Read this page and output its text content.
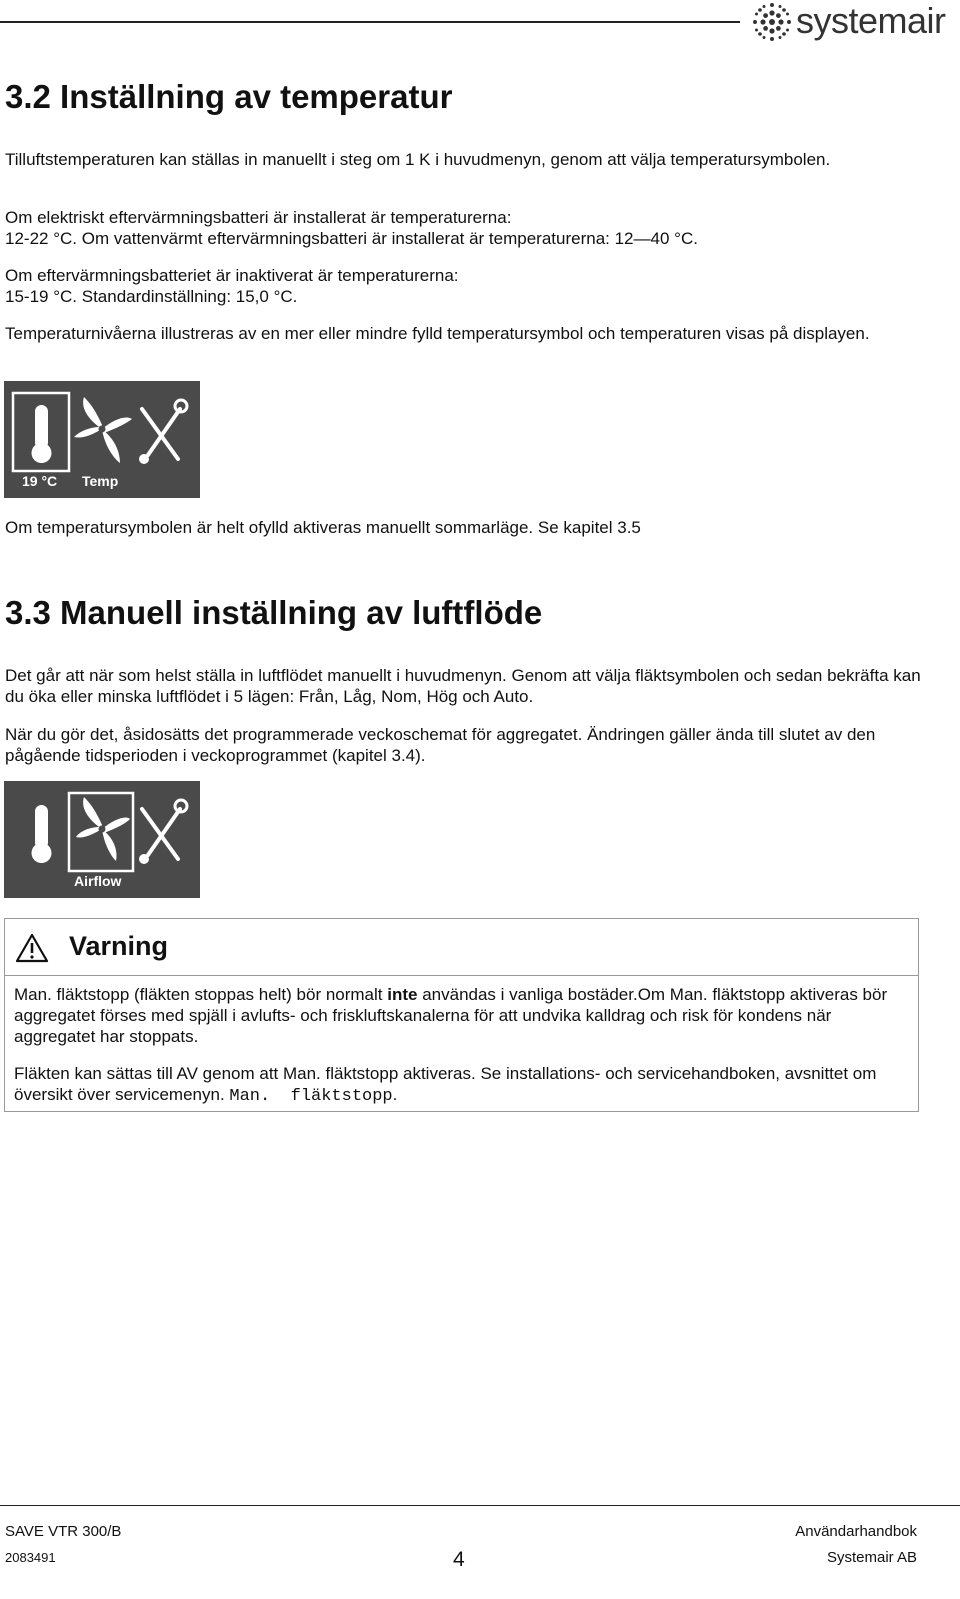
systemair
3.2 Inställning av temperatur

Tilluftstemperaturen kan ställas in manuellt i steg om 1 K i huvudmenyn, genom att välja temperatursymbolen.

Om elektriskt eftervärmningsbatteri är installerat är temperaturerna:
12-22 °C. Om vattenvärmt eftervärmningsbatteri är installerat är temperaturerna: 12—40 °C.

Om eftervärmningsbatteriet är inaktiverat är temperaturerna:
15-19 °C. Standardinställning: 15,0 °C.

Temperaturnivåerna illustreras av en mer eller mindre fylld temperatursymbol och temperaturen visas på displayen.

19 °C Temp

Om temperatursymbolen är helt ofylld aktiveras manuellt sommarläge. Se kapitel 3.5

3.3 Manuell inställning av luftflöde

Det går att när som helst ställa in luftflödet manuellt i huvudmenyn. Genom att välja fläktsymbolen och sedan bekräfta kan du öka eller minska luftflödet i 5 lägen: Från, Låg, Nom, Hög och Auto.

När du gör det, åsidosätts det programmerade veckoschemat för aggregatet. Ändringen gäller ända till slutet av den pågående tidsperioden i veckoprogrammet (kapitel 3.4).

Airflow
Varning

Man. fläktstopp (fläkten stoppas helt) bör normalt inte användas i vanliga bostäder.Om Man. fläktstopp aktiveras bör aggregatet förses med spjäll i avlufts- och friskluftskanalerna för att undvika kalldrag och risk för kondens när aggregatet har stoppats.

Fläkten kan sättas till AV genom att Man. fläktstopp aktiveras. Se installations- och servicehandboken, avsnittet om översikt över servicemenyn. Man.  fläktstopp.

SAVE VTR 300/B
2083491	4
Användarhandbok
Systemair AB
